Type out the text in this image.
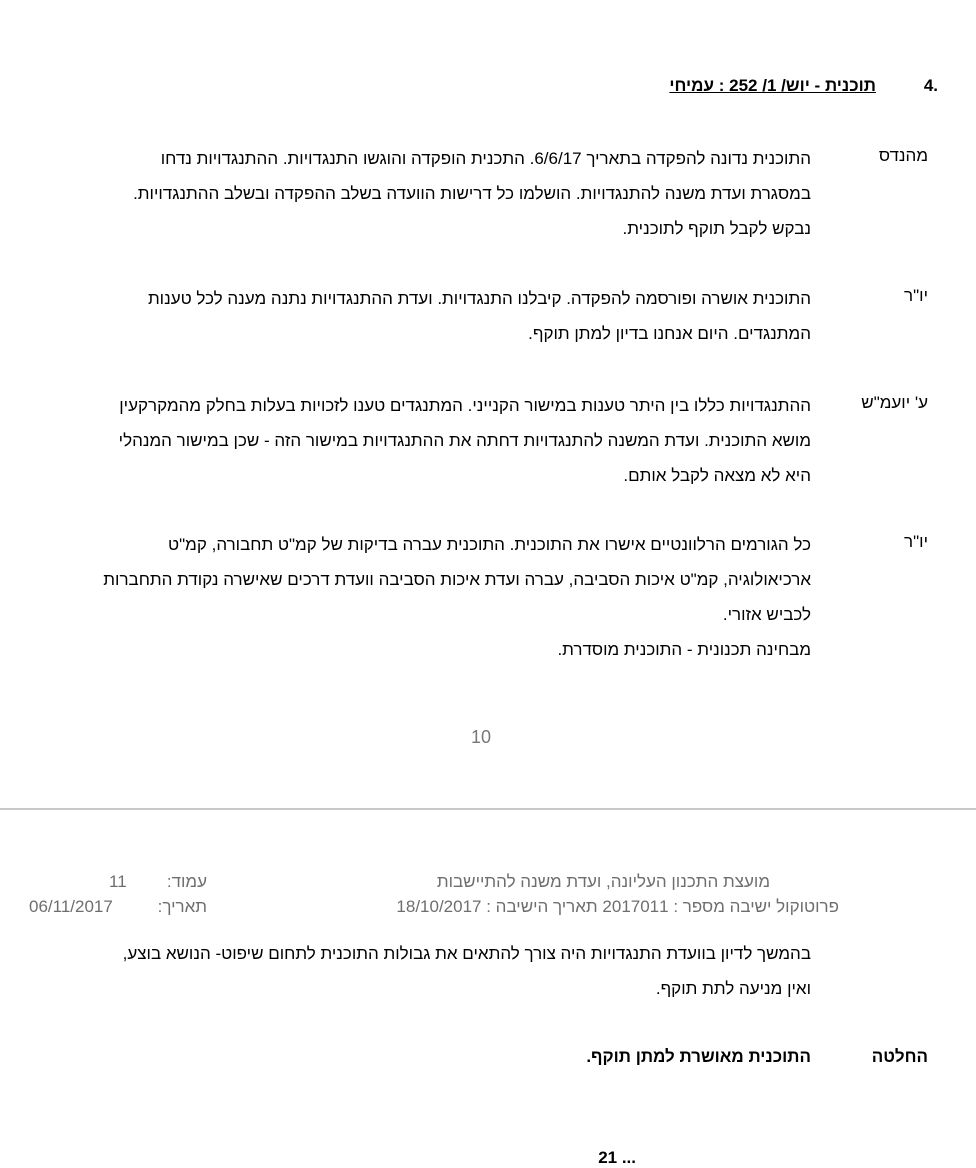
4.
תוכנית - יוש/ 1/ 252 : עמיחי
מהנדס
התוכנית נדונה להפקדה בתאריך 6/6/17. התכנית הופקדה והוגשו התנגדויות. ההתנגדויות נדחו
במסגרת ועדת משנה להתנגדויות. הושלמו כל דרישות הוועדה בשלב ההפקדה ובשלב ההתנגדויות.
נבקש לקבל תוקף לתוכנית.
יו"ר
התוכנית אושרה ופורסמה להפקדה. קיבלנו התנגדויות. ועדת ההתנגדויות נתנה מענה לכל טענות
המתנגדים. היום אנחנו בדיון למתן תוקף.
ע' יועמ"ש
ההתנגדויות כללו בין היתר טענות במישור הקנייני. המתנגדים טענו לזכויות בעלות בחלק מהמקרקעין
מושא התוכנית. ועדת המשנה להתנגדויות דחתה את ההתנגדויות במישור הזה - שכן במישור המנהלי
היא לא מצאה לקבל אותם.
יו"ר
כל הגורמים הרלוונטיים אישרו את התוכנית. התוכנית עברה בדיקות של קמ"ט תחבורה, קמ"ט
ארכיאולוגיה, קמ"ט איכות הסביבה, עברה ועדת איכות הסביבה וועדת דרכים שאישרה נקודת התחברות
לכביש אזורי.
מבחינה תכנונית - התוכנית מוסדרת.
10
מועצת התכנון העליונה, ועדת משנה להתיישבות
פרוטוקול ישיבה מספר : 2017011 תאריך הישיבה : 18/10/2017
עמוד:
11
תאריך:
06/11/2017
בהמשך לדיון בוועדת התנגדויות היה צורך להתאים את גבולות התוכנית לתחום שיפוט- הנושא בוצע,
ואין מניעה לתת תוקף.
החלטה
התוכנית מאושרת למתן תוקף.
21 ...
